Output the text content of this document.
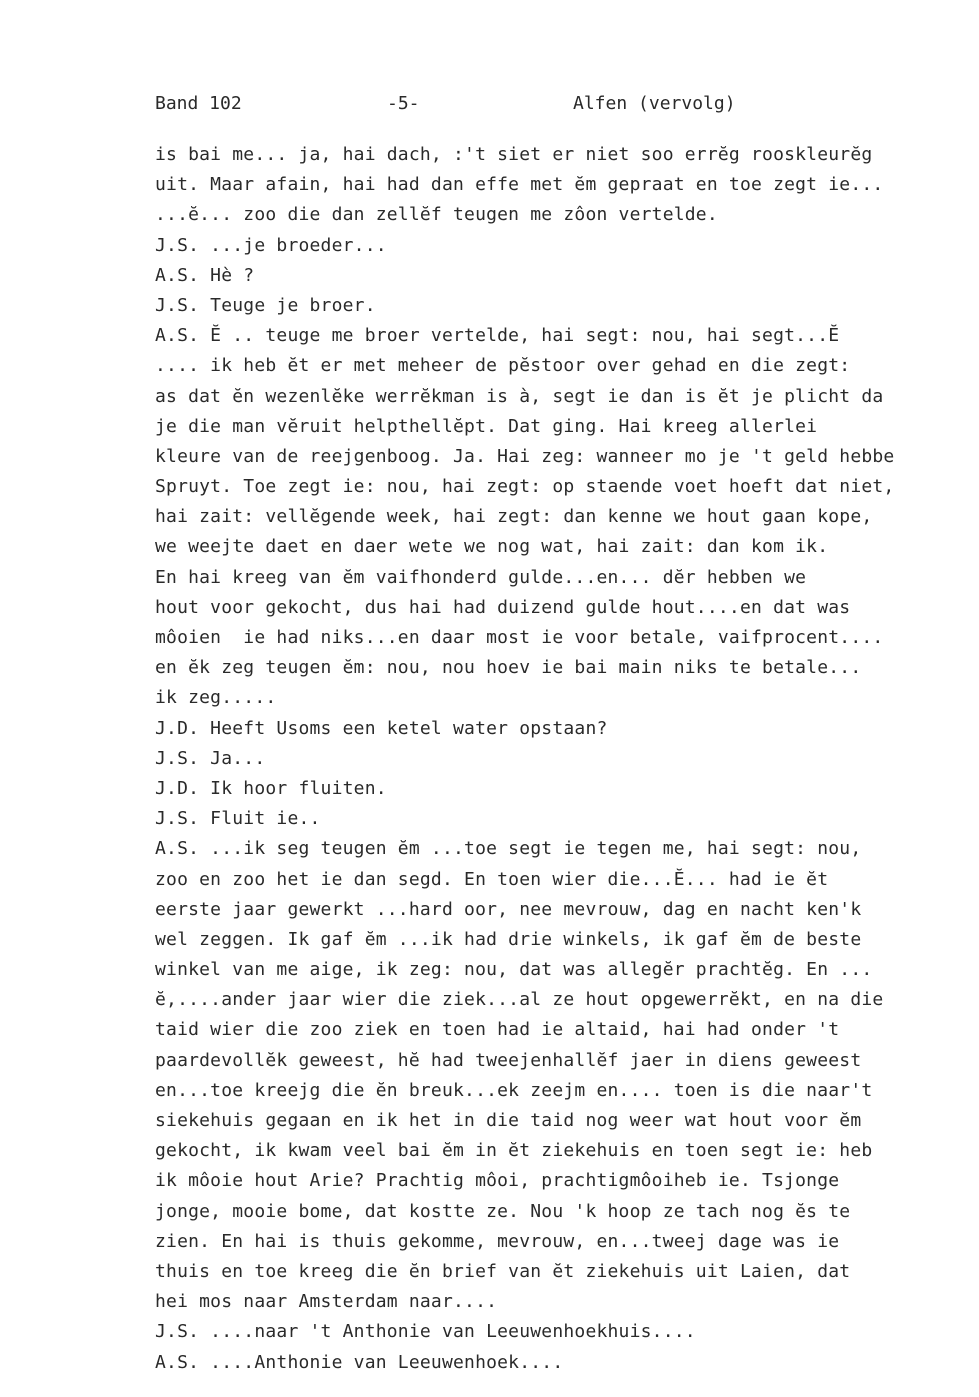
Band 102

	-5-

	Alfen (vervolg)

is bai me... ja, hai dach, :'t siet er niet soo errĕg rooskleurĕg
uit. Maar afain, hai had dan effe met ĕm gepraat en toe zegt ie...
...ĕ... zoo die dan zellĕf teugen me zôon vertelde.
J.S. ...je broeder...
A.S. Hè ?
J.S. Teuge je broer.
A.S. Ĕ .. teuge me broer vertelde, hai segt: nou, hai segt...Ĕ
.... ik heb ĕt er met meheer de pĕstoor over gehad en die zegt:
as dat ĕn wezenlĕke werrĕkman is à, segt ie dan is ĕt je plicht da
je die man vĕruit helpthellĕpt. Dat ging. Hai kreeg allerlei
kleure van de reejgenboog. Ja. Hai zeg: wanneer mo je 't geld hebbe
Spruyt. Toe zegt ie: nou, hai zegt: op staende voet hoeft dat niet,
hai zait: vellĕgende week, hai zegt: dan kenne we hout gaan kope,
we weejte daet en daer wete we nog wat, hai zait: dan kom ik.
En hai kreeg van ĕm vaifhonderd gulde...en... dĕr hebben we
hout voor gekocht, dus hai had duizend gulde hout....en dat was
môoien  ie had niks...en daar most ie voor betale, vaifprocent....
en ĕk zeg teugen ĕm: nou, nou hoev ie bai main niks te betale...
ik zeg.....
J.D. Heeft Usoms een ketel water opstaan?
J.S. Ja...
J.D. Ik hoor fluiten.
J.S. Fluit ie..
A.S. ...ik seg teugen ĕm ...toe segt ie tegen me, hai segt: nou,
zoo en zoo het ie dan segd. En toen wier die...Ĕ... had ie ĕt
eerste jaar gewerkt ...hard oor, nee mevrouw, dag en nacht ken'k
wel zeggen. Ik gaf ĕm ...ik had drie winkels, ik gaf ĕm de beste
winkel van me aige, ik zeg: nou, dat was allegĕr prachtĕg. En ...
ĕ,....ander jaar wier die ziek...al ze hout opgewerrĕkt, en na die
taid wier die zoo ziek en toen had ie altaid, hai had onder 't
paardevollĕk geweest, hĕ had tweejenhallĕf jaer in diens geweest
en...toe kreejg die ĕn breuk...ek zeejm en.... toen is die naar't
siekehuis gegaan en ik het in die taid nog weer wat hout voor ĕm
gekocht, ik kwam veel bai ĕm in ĕt ziekehuis en toen segt ie: heb
ik môoie hout Arie? Prachtig môoi, prachtigmôoiheb ie. Tsjonge
jonge, mooie bome, dat kostte ze. Nou 'k hoop ze tach nog ĕs te
zien. En hai is thuis gekomme, mevrouw, en...tweej dage was ie
thuis en toe kreeg die ĕn brief van ĕt ziekehuis uit Laien, dat
hei mos naar Amsterdam naar....
J.S. ....naar 't Anthonie van Leeuwenhoekhuis....
A.S. ....Anthonie van Leeuwenhoek....
